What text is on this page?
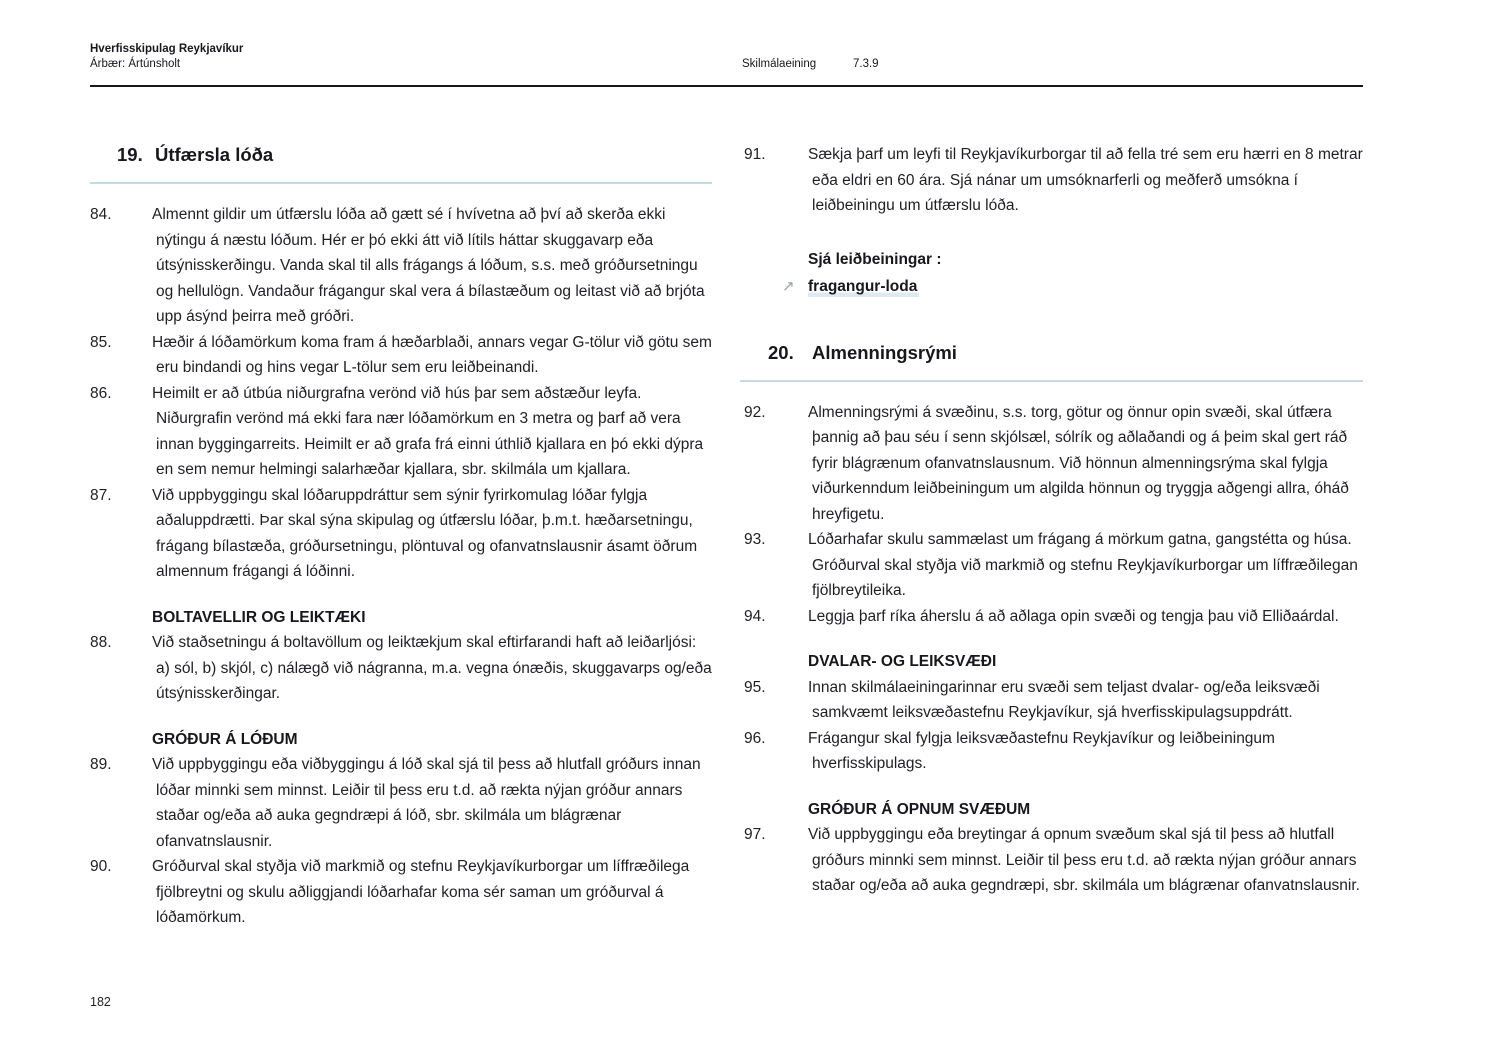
Hverfisskipulag Reykjavíkur
Árbær: Ártúnsholt	Skilmálaeining	7.3.9
19. Útfærsla lóða
84.	Almennt gildir um útfærslu lóða að gætt sé í hvívetna að því að skerða ekki nýtingu á næstu lóðum. Hér er þó ekki átt við lítils háttar skuggavarp eða útsýnisskerðingu. Vanda skal til alls frágangs á lóðum, s.s. með gróðursetningu og hellulögn. Vandaður frágangur skal vera á bílastæðum og leitast við að brjóta upp ásýnd þeirra með gróðri.

85.	Hæðir á lóðamörkum koma fram á hæðarblaði, annars vegar G-tölur við götu sem eru bindandi og hins vegar L-tölur sem eru leiðbeinandi.

86.	Heimilt er að útbúa niðurgrafna verönd við hús þar sem aðstæður leyfa. Niðurgrafin verönd má ekki fara nær lóðamörkum en 3 metra og þarf að vera innan byggingarreits. Heimilt er að grafa frá einni úthlið kjallara en þó ekki dýpra en sem nemur helmingi salarhæðar kjallara, sbr. skilmála um kjallara.

87.	Við uppbyggingu skal lóðaruppdráttur sem sýnir fyrirkomulag lóðar fylgja aðaluppdrætti. Þar skal sýna skipulag og útfærslu lóðar, þ.m.t. hæðarsetningu, frágang bílastæða, gróðursetningu, plöntuval og ofanvatnslausnir ásamt öðrum almennum frágangi á lóðinni.

BOLTAVELLIR OG LEIKTÆKI
88.	Við staðsetningu á boltavöllum og leiktækjum skal eftirfarandi haft að leiðarljósi: a) sól, b) skjól, c) nálægð við nágranna, m.a. vegna ónæðis, skuggavarps og/eða útsýnisskerðingar.

GRÓÐUR Á LÓÐUM
89.	Við uppbyggingu eða viðbyggingu á lóð skal sjá til þess að hlutfall gróðurs innan lóðar minnki sem minnst. Leiðir til þess eru t.d. að rækta nýjan gróður annars staðar og/eða að auka gegndræpi á lóð, sbr. skilmála um blágrænar ofanvatnslausnir.

90.	Gróðurval skal styðja við markmið og stefnu Reykjavíkurborgar um líffræðilega fjölbreytni og skulu aðliggjandi lóðarhafar koma sér saman um gróðurval á lóðamörkum.

91.	Sækja þarf um leyfi til Reykjavíkurborgar til að fella tré sem eru hærri en 8 metrar eða eldri en 60 ára. Sjá nánar um umsóknarferli og meðferð umsókna í leiðbeiningu um útfærslu lóða.

Sjá leiðbeiningar :
↗ fragangur-loda
20. Almenningsrými
92.	Almenningsrými á svæðinu, s.s. torg, götur og önnur opin svæði, skal útfæra þannig að þau séu í senn skjólsæl, sólrík og aðlaðandi og á þeim skal gert ráð fyrir blágrænum ofanvatnslausnum. Við hönnun almenningsrýma skal fylgja viðurkenndum leiðbeiningum um algilda hönnun og tryggja aðgengi allra, óháð hreyfigetu.

93.	Lóðarhafar skulu sammælast um frágang á mörkum gatna, gangstétta og húsa. Gróðurval skal styðja við markmið og stefnu Reykjavíkurborgar um líffræðilegan fjölbreytileika.

94.	Leggja þarf ríka áherslu á að aðlaga opin svæði og tengja þau við Elliðaárdal.

DVALAR- OG LEIKSVÆÐI
95.	Innan skilmálaeiningarinnar eru svæði sem teljast dvalar- og/eða leiksvæði samkvæmt leiksvæðastefnu Reykjavíkur, sjá hverfisskipulagsuppdrátt.

96.	Frágangur skal fylgja leiksvæðastefnu Reykjavíkur og leiðbeiningum hverfisskipulags.

GRÓÐUR Á OPNUM SVÆÐUM
97.	Við uppbyggingu eða breytingar á opnum svæðum skal sjá til þess að hlutfall gróðurs minnki sem minnst. Leiðir til þess eru t.d. að rækta nýjan gróður annars staðar og/eða að auka gegndræpi, sbr. skilmála um blágrænar ofanvatnslausnir.

182
